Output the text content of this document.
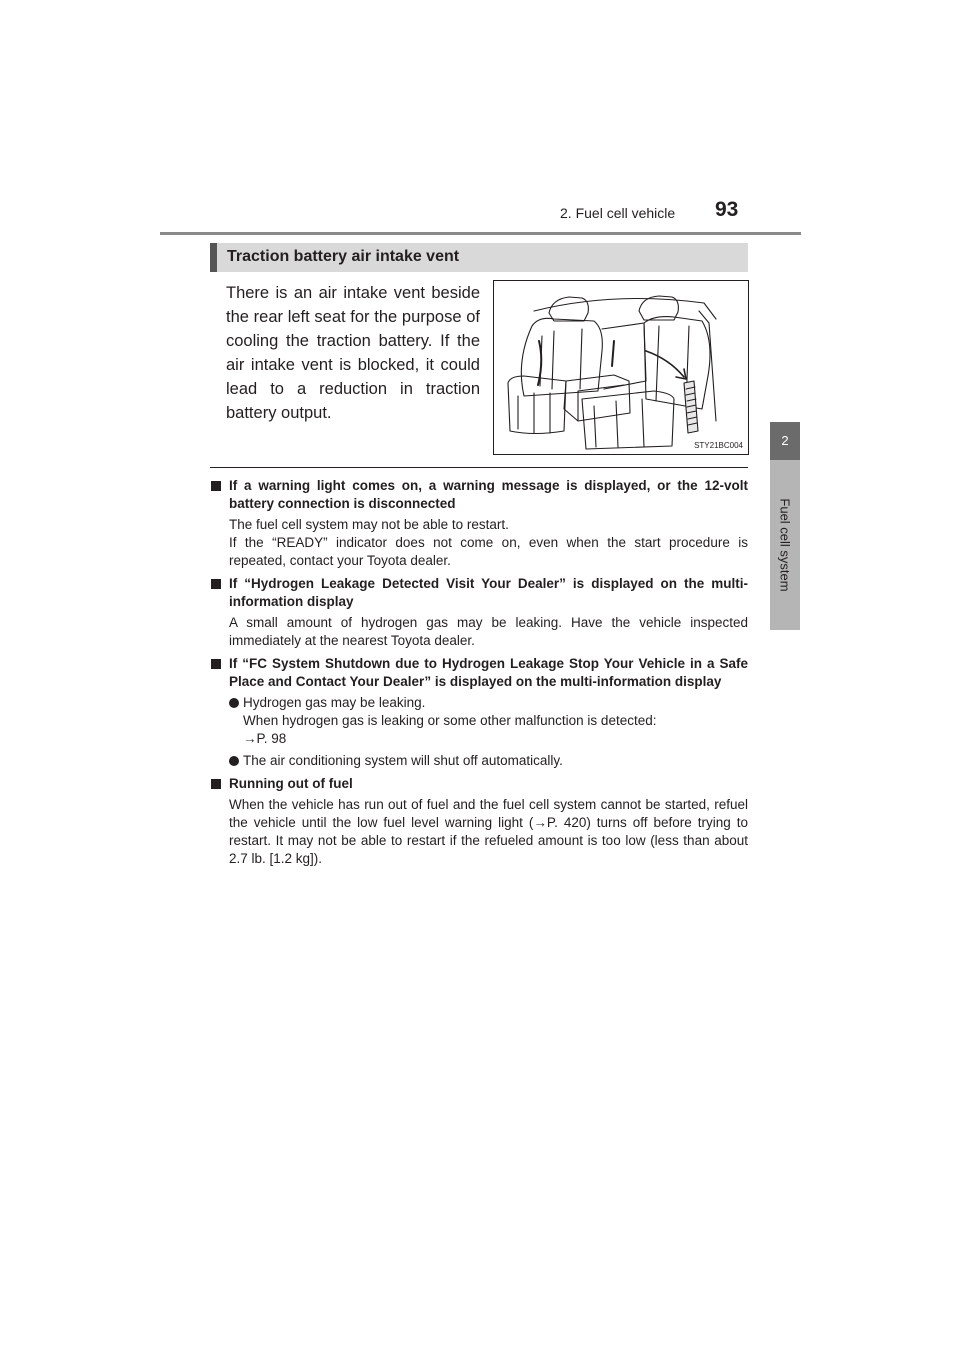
2. Fuel cell vehicle 93
2
Fuel cell system
Traction battery air intake vent
There is an air intake vent beside the rear left seat for the purpose of cooling the traction battery. If the air intake vent is blocked, it could lead to a reduction in traction battery output.
STY21BC004
If a warning light comes on, a warning message is displayed, or the 12-volt battery connection is disconnected

The fuel cell system may not be able to restart.

If the “READY” indicator does not come on, even when the start procedure is repeated, contact your Toyota dealer.

If “Hydrogen Leakage Detected Visit Your Dealer” is displayed on the multi-information display

A small amount of hydrogen gas may be leaking. Have the vehicle inspected immediately at the nearest Toyota dealer.

If “FC System Shutdown due to Hydrogen Leakage Stop Your Vehicle in a Safe Place and Contact Your Dealer” is displayed on the multi-information display

Hydrogen gas may be leaking.

When hydrogen gas is leaking or some other malfunction is detected:

→P. 98

The air conditioning system will shut off automatically.

Running out of fuel

When the vehicle has run out of fuel and the fuel cell system cannot be started, refuel the vehicle until the low fuel level warning light (→P. 420) turns off before trying to restart. It may not be able to restart if the refueled amount is too low (less than about 2.7 lb. [1.2 kg]).
